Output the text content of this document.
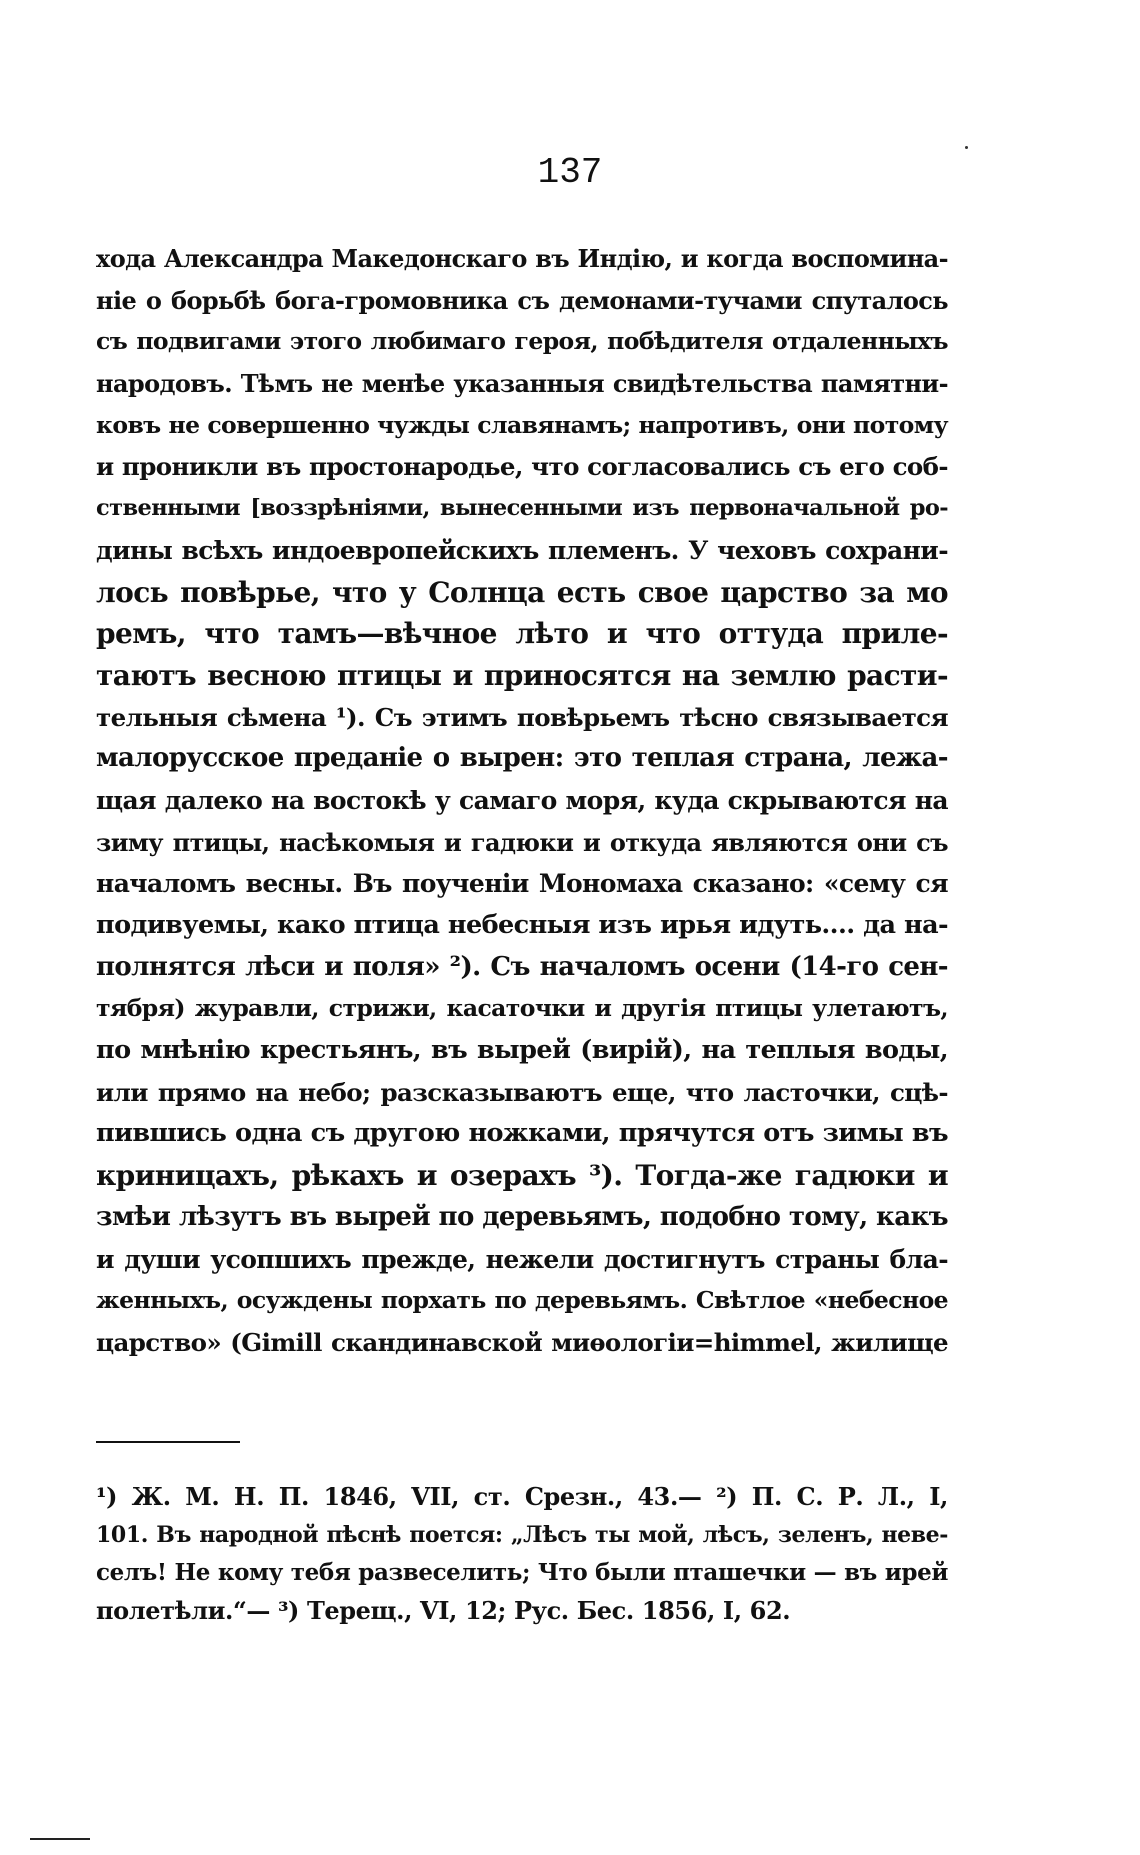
137
хода Александра Македонскаго въ Индію, и когда воспомина-
ніе о борьбѣ бога-громовника съ демонами-тучами спуталось
съ подвигами этого любимаго героя, побѣдителя отдаленныхъ
народовъ. Тѣмъ не менѣе указанныя свидѣтельства памятни-
ковъ не совершенно чужды славянамъ; напротивъ, они потому
и проникли въ простонародье, что согласовались съ его соб-
ственными [воззрѣніями, вынесенными изъ первоначальной ро-
дины всѣхъ индоевропейскихъ племенъ. У чеховъ сохрани-
лось повѣрье, что у Солнца есть свое царство за мо
ремъ, что тамъ—вѣчное лѣто и что оттуда приле-
таютъ весною птицы и приносятся на землю расти-
тельныя сѣмена ¹). Съ этимъ повѣрьемъ тѣсно связывается
малорусское преданіе о вырен: это теплая страна, лежа-
щая далеко на востокѣ у самаго моря, куда скрываются на
зиму птицы, насѣкомыя и гадюки и откуда являются они съ
началомъ весны. Въ поученіи Мономаха сказано: «сему ся
подивуемы, како птица небесныя изъ ирья идуть.... да на-
полнятся лѣси и поля» ²). Съ началомъ осени (14-го сен-
тября) журавли, стрижи, касаточки и другія птицы улетаютъ,
по мнѣнію крестьянъ, въ вырей (вирій), на теплыя воды,
или прямо на небо; разсказываютъ еще, что ласточки, сцѣ-
пившись одна съ другою ножками, прячутся отъ зимы въ
криницахъ, рѣкахъ и озерахъ ³). Тогда-же гадюки и
змѣи лѣзутъ въ вырей по деревьямъ, подобно тому, какъ
и души усопшихъ прежде, нежели достигнутъ страны бла-
женныхъ, осуждены порхать по деревьямъ. Свѣтлое «небесное
царство» (Gimill скандинавской миѳологіи=himmel, жилище
¹) Ж. М. Н. П. 1846, VII, ст. Срезн., 43.— ²) П. С. Р. Л., I,
101. Въ народной пѣснѣ поется: „Лѣсъ ты мой, лѣсъ, зеленъ, неве-
селъ! Не кому тебя развеселить; Что были пташечки — въ ирей
полетѣли.“— ³) Терещ., VI, 12; Рус. Бес. 1856, I, 62.
